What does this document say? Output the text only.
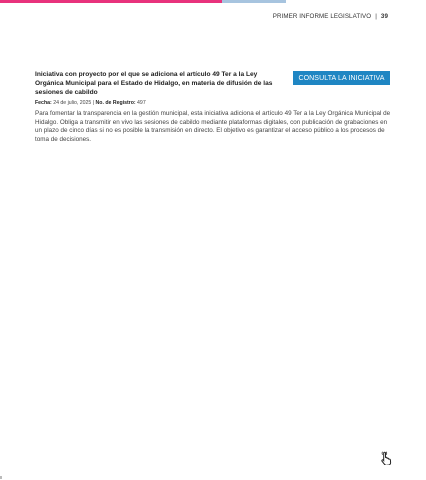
PRIMER INFORME LEGISLATIVO | 39
Iniciativa con proyecto por el que se adiciona el artículo 49 Ter a la Ley Orgánica Municipal para el Estado de Hidalgo, en materia de difusión de las sesiones de cabildo
CONSULTA LA INICIATIVA
Fecha: 24 de julio, 2025 | No. de Registro: 497
Para fomentar la transparencia en la gestión municipal, esta iniciativa adiciona el artículo 49 Ter a la Ley Orgánica Municipal de Hidalgo. Obliga a transmitir en vivo las sesiones de cabildo mediante plataformas digitales, con publicación de grabaciones en un plazo de cinco días si no es posible la transmisión en directo. El objetivo es garantizar el acceso público a los procesos de toma de decisiones.
